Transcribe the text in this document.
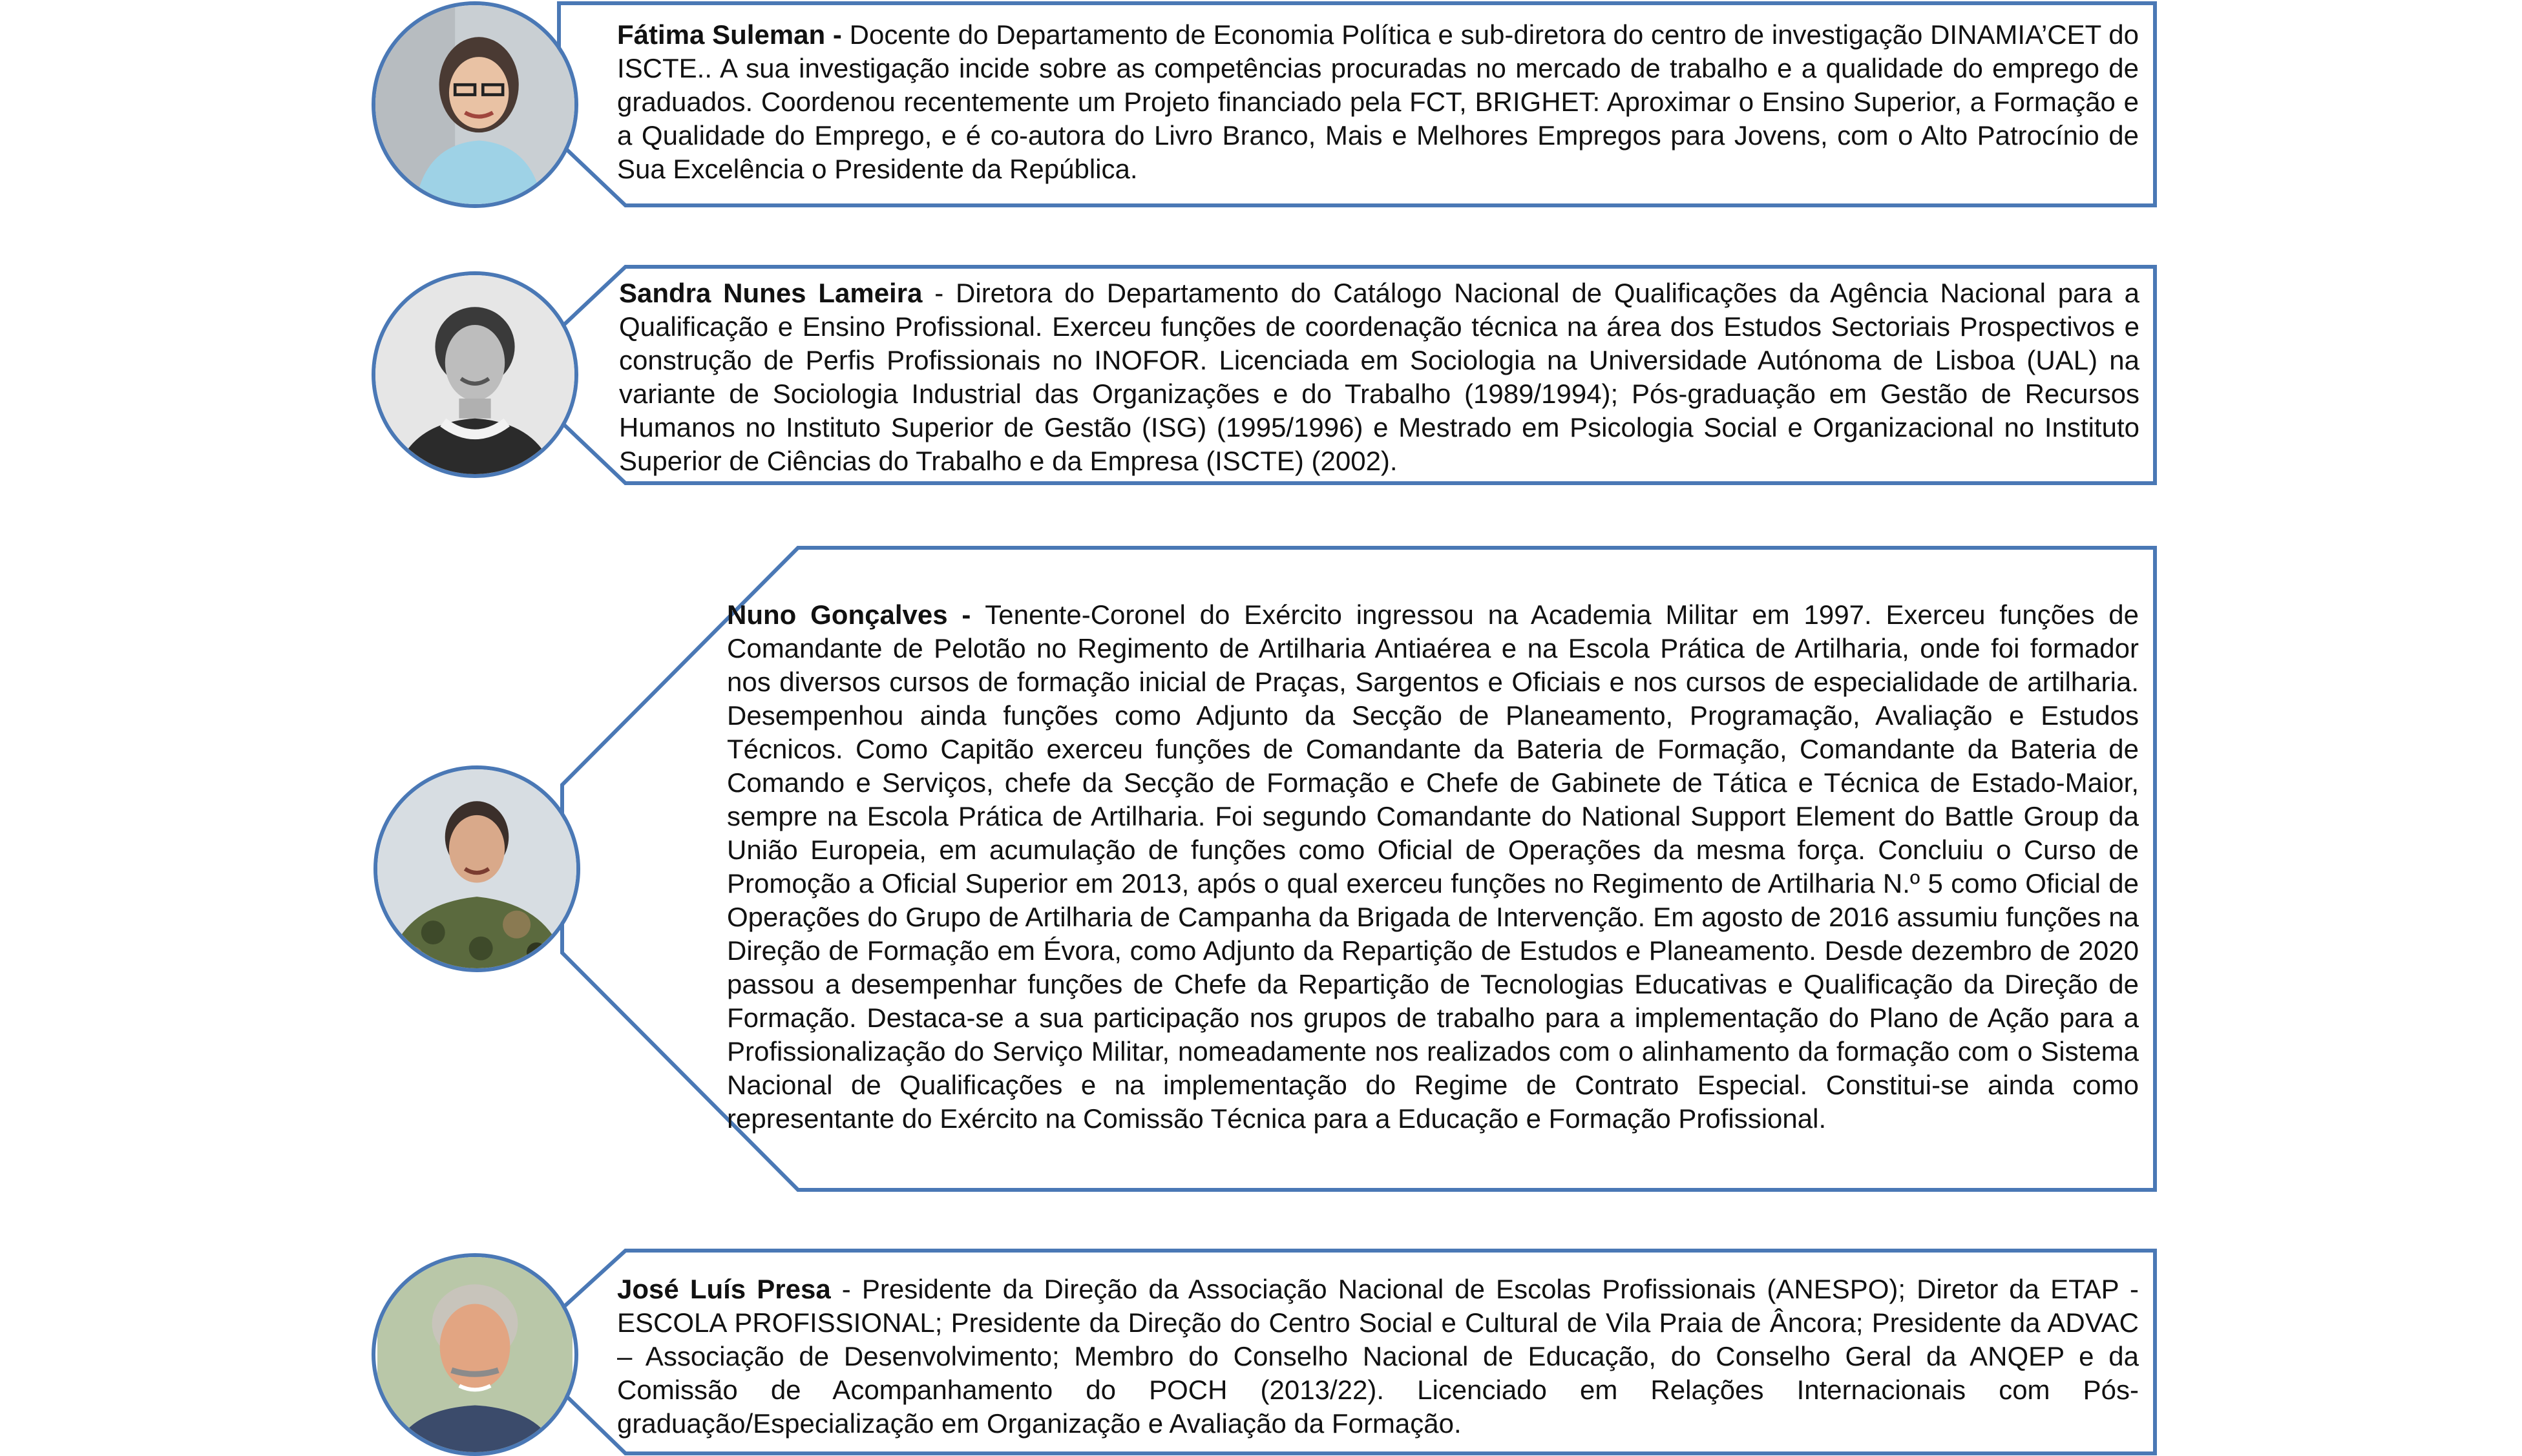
Fátima Suleman - Docente do Departamento de Economia Política e sub-diretora do centro de investigação DINAMIA’CET do ISCTE.. A sua investigação incide sobre as competências procuradas no mercado de trabalho e a qualidade do emprego de graduados. Coordenou recentemente um Projeto financiado pela FCT, BRIGHET: Aproximar o Ensino Superior, a Formação e a Qualidade do Emprego, e é co-autora do Livro Branco, Mais e Melhores Empregos para Jovens, com o Alto Patrocínio de Sua Excelência o Presidente da República.

Sandra Nunes Lameira - Diretora do Departamento do Catálogo Nacional de Qualificações da Agência Nacional para a Qualificação e Ensino Profissional. Exerceu funções de coordenação técnica na área dos Estudos Sectoriais Prospectivos e construção de Perfis Profissionais no INOFOR. Licenciada em Sociologia na Universidade Autónoma de Lisboa (UAL) na variante de Sociologia Industrial das Organizações e do Trabalho (1989/1994); Pós-graduação em Gestão de Recursos Humanos no Instituto Superior de Gestão (ISG) (1995/1996) e Mestrado em Psicologia Social e Organizacional no Instituto Superior de Ciências do Trabalho e da Empresa (ISCTE) (2002).

Nuno Gonçalves - Tenente-Coronel do Exército ingressou na Academia Militar em 1997. Exerceu funções de Comandante de Pelotão no Regimento de Artilharia Antiaérea e na Escola Prática de Artilharia, onde foi formador nos diversos cursos de formação inicial de Praças, Sargentos e Oficiais e nos cursos de especialidade de artilharia. Desempenhou ainda funções como Adjunto da Secção de Planeamento, Programação, Avaliação e Estudos Técnicos. Como Capitão exerceu funções de Comandante da Bateria de Formação, Comandante da Bateria de Comando e Serviços, chefe da Secção de Formação e Chefe de Gabinete de Tática e Técnica de Estado-Maior, sempre na Escola Prática de Artilharia. Foi segundo Comandante do National Support Element do Battle Group da União Europeia, em acumulação de funções como Oficial de Operações da mesma força. Concluiu o Curso de Promoção a Oficial Superior em 2013, após o qual exerceu funções no Regimento de Artilharia N.º 5 como Oficial de Operações do Grupo de Artilharia de Campanha da Brigada de Intervenção. Em agosto de 2016 assumiu funções na Direção de Formação em Évora, como Adjunto da Repartição de Estudos e Planeamento. Desde dezembro de 2020 passou a desempenhar funções de Chefe da Repartição de Tecnologias Educativas e Qualificação da Direção de Formação. Destaca-se a sua participação nos grupos de trabalho para a implementação do Plano de Ação para a Profissionalização do Serviço Militar, nomeadamente nos realizados com o alinhamento da formação com o Sistema Nacional de Qualificações e na implementação do Regime de Contrato Especial. Constitui-se ainda como representante do Exército na Comissão Técnica para a Educação e Formação Profissional.

José Luís Presa - Presidente da Direção da Associação Nacional de Escolas Profissionais (ANESPO); Diretor da ETAP - ESCOLA PROFISSIONAL; Presidente da Direção do Centro Social e Cultural de Vila Praia de Âncora; Presidente da ADVAC – Associação de Desenvolvimento; Membro do Conselho Nacional de Educação, do Conselho Geral da ANQEP e da Comissão de Acompanhamento do POCH (2013/22). Licenciado em Relações Internacionais com Pós-graduação/Especialização em Organização e Avaliação da Formação.
